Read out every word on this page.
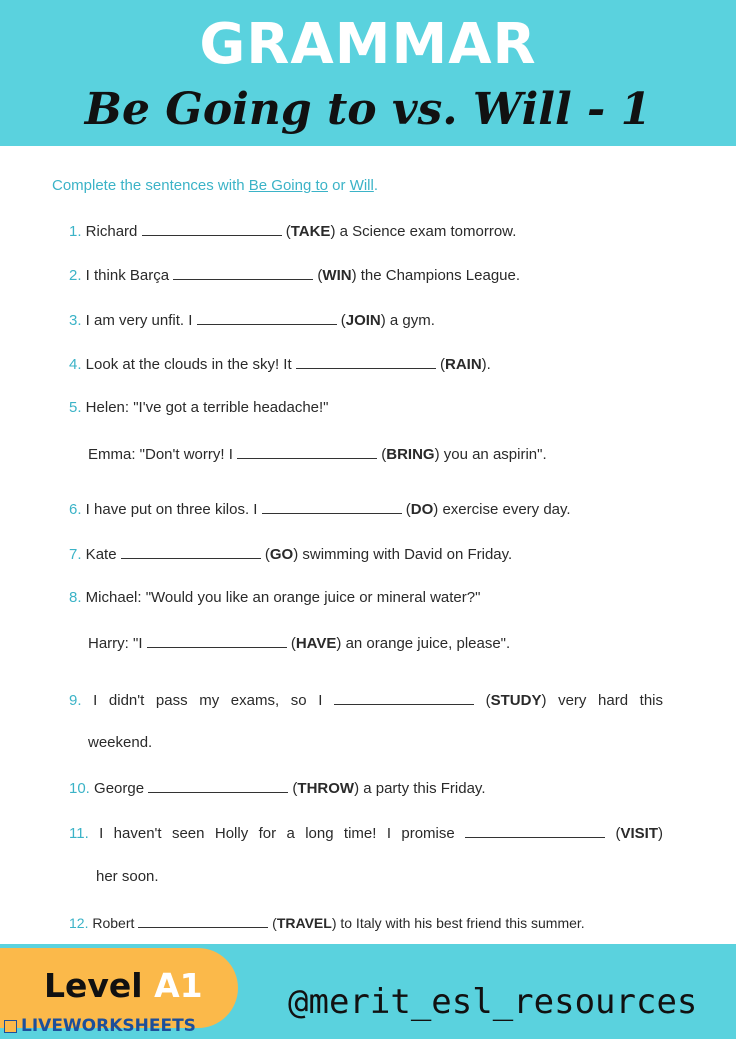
GRAMMAR
Be Going to vs. Will - 1
Complete the sentences with Be Going to or Will.
1. Richard	(TAKE) a Science exam tomorrow.
2. I think Barça	(WIN) the Champions League.
3. I am very unfit. I	(JOIN) a gym.
4. Look at the clouds in the sky! It	(RAIN).
5. Helen: "I've got a terrible headache!"
Emma: "Don't worry! I	(BRING) you an aspirin".
6. I have put on three kilos. I	(DO) exercise every day.
7. Kate	(GO) swimming with David on Friday.
8. Michael: "Would you like an orange juice or mineral water?"
Harry: "I	(HAVE) an orange juice, please".
9. I didn't pass my exams, so I	(STUDY) very hard this
weekend.
10. George	(THROW) a party this Friday.
11. I haven't seen Holly for a long time! I promise	(VISIT)
her soon.
12. Robert	(TRAVEL) to Italy with his best friend this summer.
Level A1	@merit_esl_resources
LIVEWORKSHEETS
